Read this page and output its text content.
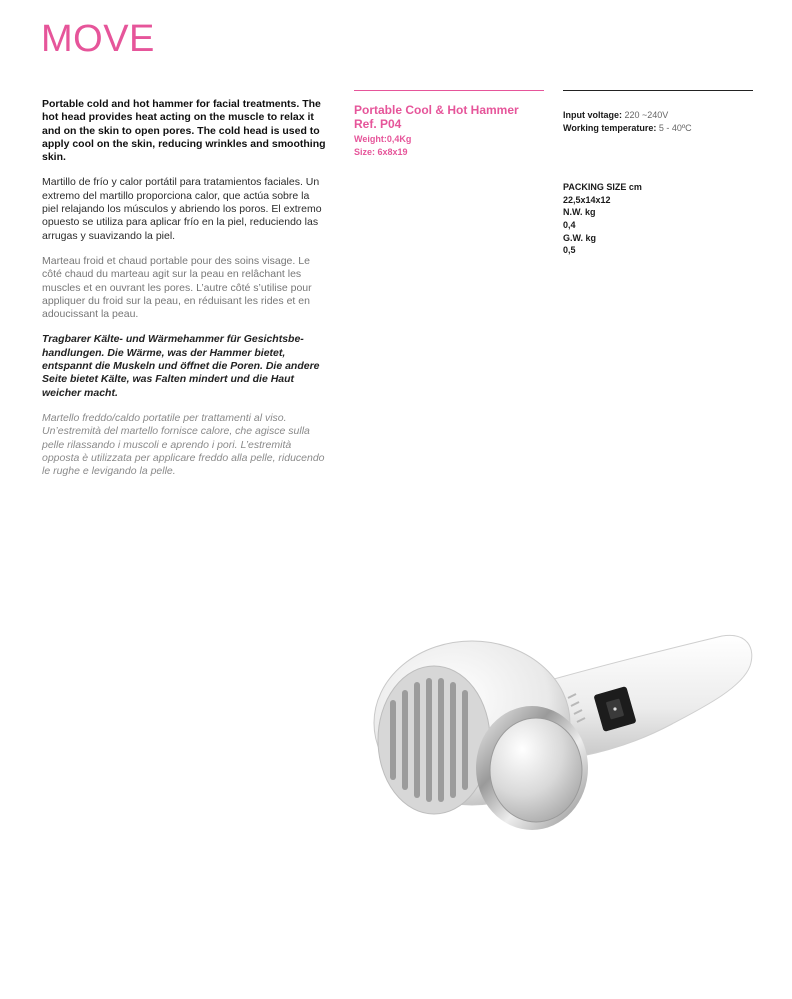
MOVE

Portable cold and hot hammer for facial treatments. The hot head provides heat acting on the muscle to relax it and on the skin to open pores. The cold head is used to apply cool on the skin, reducing wrinkles and smoothing skin.

Martillo de frío y calor portátil para tratamientos faciales. Un extremo del martillo proporciona calor, que actúa sobre la piel relajando los músculos y abriendo los poros. El extremo opuesto se utiliza para aplicar frío en la piel, reduciendo las arrugas y suavizando la piel.

Marteau froid et chaud portable pour des soins visage. Le côté chaud du marteau agit sur la peau en relâchant les muscles et en ouvrant les pores. L’autre côté s’utilise pour appliquer du froid sur la peau, en réduisant les rides et en adoucissant la peau.

Tragbarer Kälte- und Wärmehammer für Gesichtsbehandlungen. Die Wärme, was der Hammer bietet, entspannt die Muskeln und öffnet die Poren. Die andere Seite bietet Kälte, was Falten mindert und die Haut weicher macht.

Martello freddo/caldo portatile per trattamenti al viso. Un’estremità del martello fornisce calore, che agisce sulla pelle rilassando i muscoli e aprendo i pori. L’estremità opposta è utilizzata per applicare freddo alla pelle, riducendo le rughe e levigando la pelle.

Portable Cool & Hot Hammer
Ref. P04
Weight:0,4Kg
Size: 6x8x19
Input voltage: 220 ~240V
Working temperature: 5 - 40ºC
PACKING SIZE cm
22,5x14x12
N.W. kg
0,4
G.W. kg
0,5
